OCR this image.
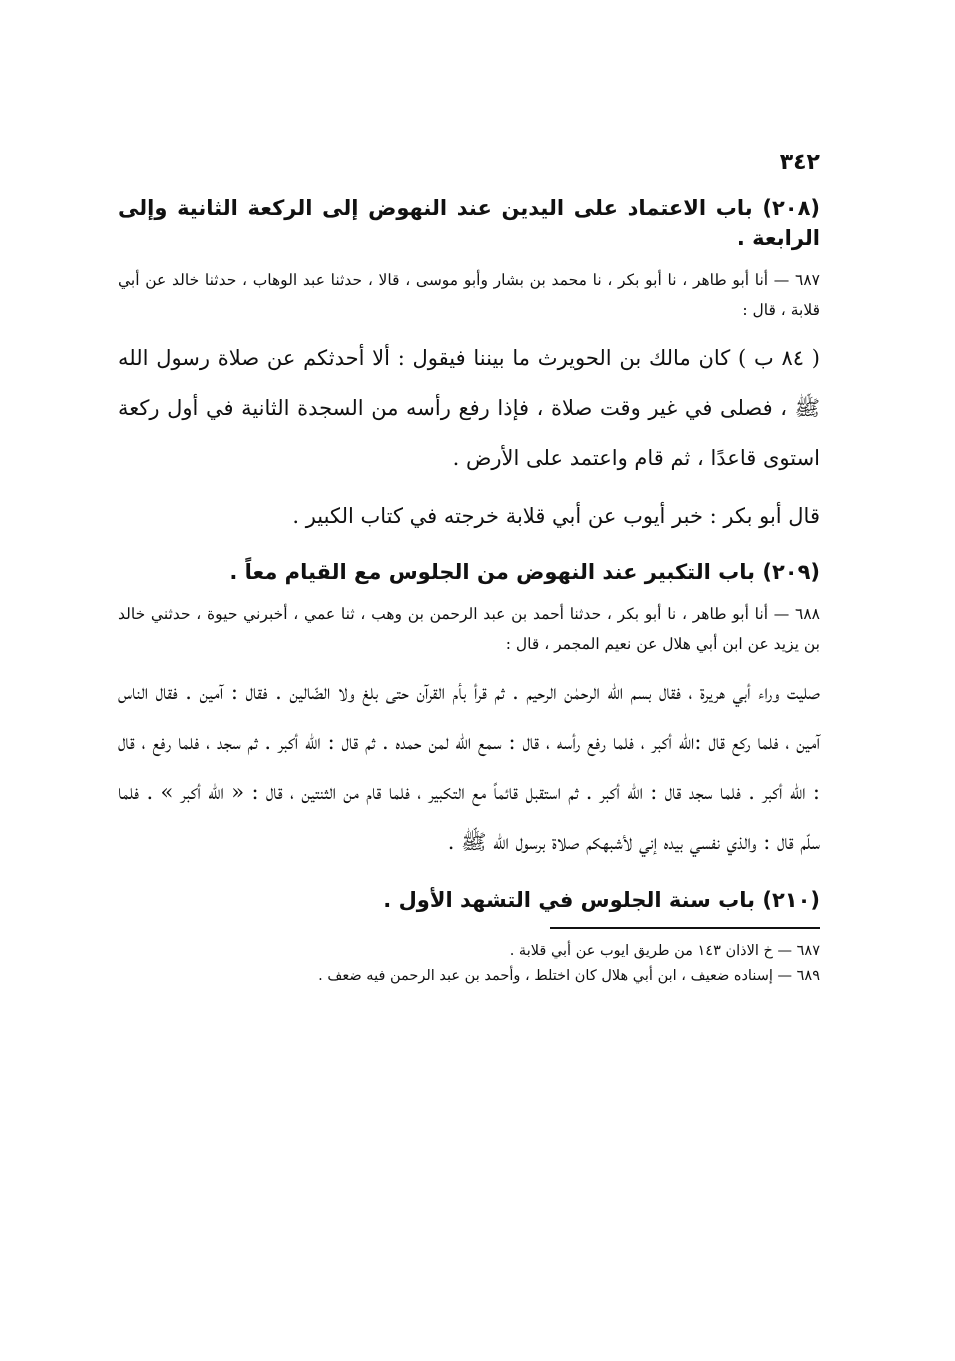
٣٤٢
(٢٠٨) باب الاعتماد على اليدين عند النهوض إلى الركعة الثانية وإلى الرابعة .

٦٨٧ — أنا أبو طاهر ، نا أبو بكر ، نا محمد بن بشار وأبو موسى ، قالا ، حدثنا عبد الوهاب ، حدثنا خالد عن أبي قلابة ، قال :

( ٨٤ ب ) كان مالك بن الحويرث ما بيننا فيقول : ألا أحدثكم عن صلاة رسول الله ﷺ ، فصلى في غير وقت صلاة ، فإذا رفع رأسه من السجدة الثانية في أول ركعة استوى قاعدًا ، ثم قام واعتمد على الأرض .

قال أبو بكر : خبر أيوب عن أبي قلابة خرجته في كتاب الكبير .

(٢٠٩) باب التكبير عند النهوض من الجلوس مع القيام معاً .

٦٨٨ — أنا أبو طاهر ، نا أبو بكر ، حدثنا أحمد بن عبد الرحمن بن وهب ، ثنا عمي ، أخبرني حيوة ، حدثني خالد بن يزيد عن ابن أبي هلال عن نعيم المجمر ، قال :

صليت وراء أبي هريرة ، فقال بسم الله الرحمٰن الرحيم . ثم قرأ بأم القرآن حتى بلغ ولا الضّالين . فقال : آمين . فقال الناس آمين ، فلما ركع قال :الله أكبر ، فلما رفع رأسه ، قال : سمع الله لمن حمده . ثم قال : الله أكبر . ثم سجد ، فلما رفع ، قال : الله أكبر . فلما سجد قال : الله أكبر . ثم استقبل قائماً مع التكبير ، فلما قام من الثنتين ، قال : « الله أكبر » . فلما سلّم قال : والذي نفسي بيده إني لأشبهكم صلاة برسول الله ﷺ .

(٢١٠) باب سنة الجلوس في التشهد الأول .

٦٨٧ — خ الاذان ١٤٣ من طريق ايوب عن أبي قلابة .

٦٨٩ — إسناده ضعيف ، ابن أبي هلال كان اختلط ، وأحمد بن عبد الرحمن فيه ضعف .
